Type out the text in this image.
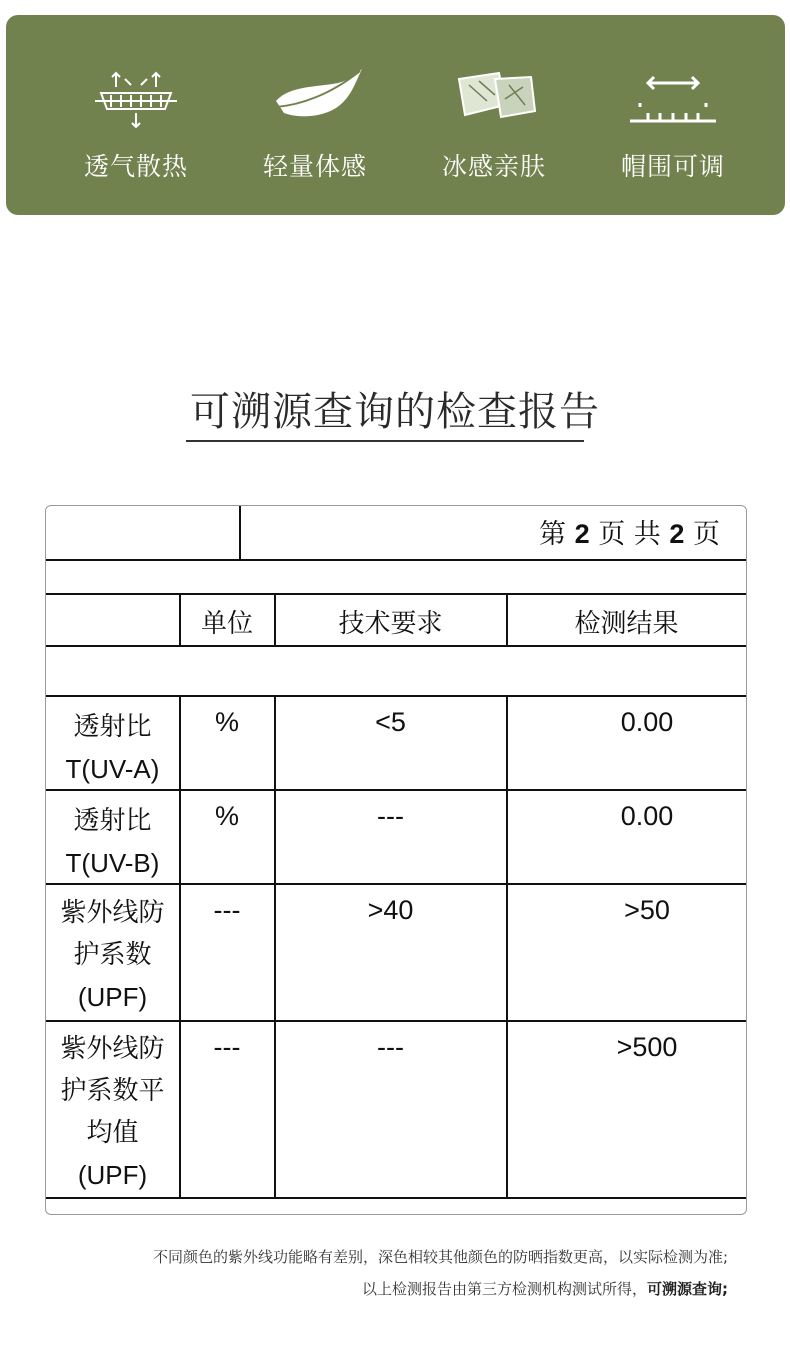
透气散热	轻量体感	冰感亲肤	帽围可调
可溯源查询的检查报告
第 2 页 共 2 页
单位	技术要求	检测结果
透射比
T(UV-A)
%	<5	0.00
透射比
T(UV-B)
%	---	0.00
紫外线防
护系数
(UPF)
---	>40	>50
紫外线防
护系数平
均值
(UPF)
---	---	>500
不同颜色的紫外线功能略有差别，深色相较其他颜色的防晒指数更高，以实际检测为准;
以上检测报告由第三方检测机构测试所得，可溯源查询;
